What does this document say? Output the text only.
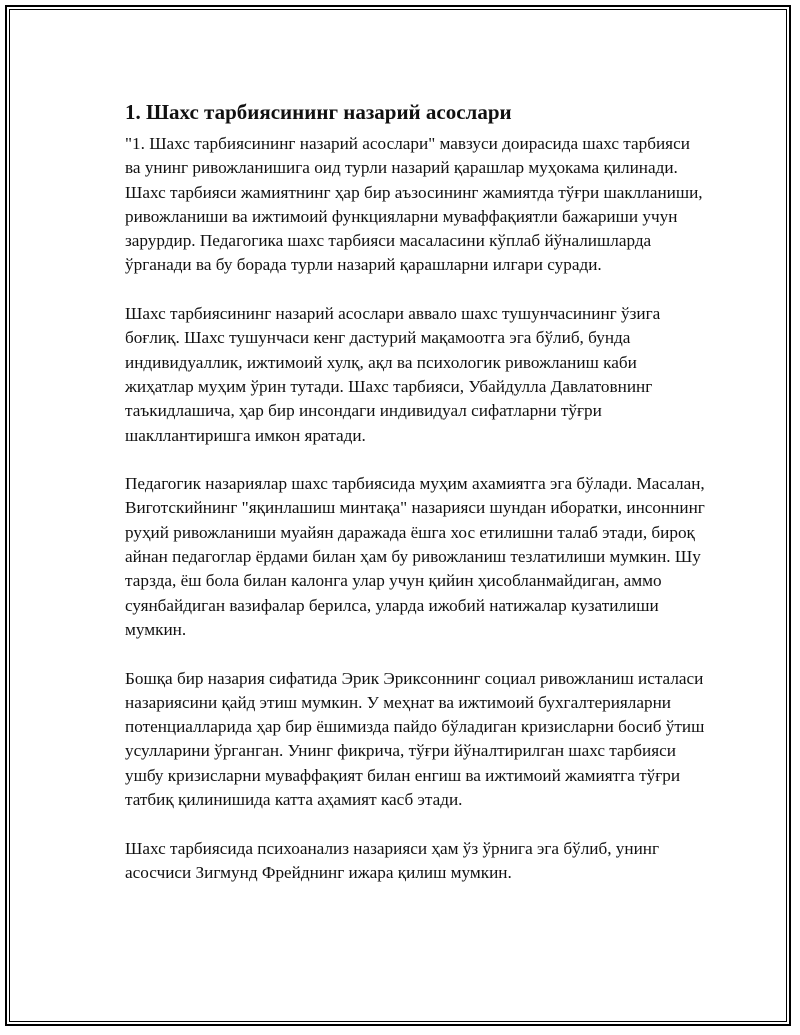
1. Шахс тарбиясининг назарий асослари

"1. Шахс тарбиясининг назарий асослари" мавзуси доирасида шахс тарбияси ва унинг ривожланишига оид турли назарий қарашлар муҳокама қилинади. Шахс тарбияси жамиятнинг ҳар бир аъзосининг жамиятда тўғри шаклланиши, ривожланиши ва ижтимоий функцияларни муваффақиятли бажариши учун зарурдир. Педагогика шахс тарбияси масаласини кўплаб йўналишларда ўрганади ва бу борада турли назарий қарашларни илгари суради.

Шахс тарбиясининг назарий асослари аввало шахс тушунчасининг ўзига боғлиқ. Шахс тушунчаси кенг дастурий мақамоотга эга бўлиб, бунда индивидуаллик, ижтимоий хулқ, ақл ва психологик ривожланиш каби жиҳатлар муҳим ўрин тутади. Шахс тарбияси, Убайдулла Давлатовнинг таъкидлашича, ҳар бир инсондаги индивидуал сифатларни тўғри шакллантиришга имкон яратади.

Педагогик назариялар шахс тарбиясида муҳим ахамиятга эга бўлади. Масалан, Виготскийнинг "яқинлашиш минтақа" назарияси шундан иборатки, инсоннинг руҳий ривожланиши муайян даражада ёшга хос етилишни талаб этади, бироқ айнан педагоглар ёрдами билан ҳам бу ривожланиш тезлатилиши мумкин. Шу тарзда, ёш бола билан калонга улар учун қийин ҳисобланмайдиган, аммо суянбайдиган вазифалар берилса, уларда ижобий натижалар кузатилиши мумкин.

Бошқа бир назария сифатида Эрик Эриксоннинг социал ривожланиш исталаси назариясини қайд этиш мумкин. У меҳнат ва ижтимоий бухгалтерияларни потенциалларида ҳар бир ёшимизда пайдо бўладиган кризисларни босиб ўтиш усулларини ўрганган. Унинг фикрича, тўғри йўналтирилган шахс тарбияси ушбу кризисларни муваффақият билан енгиш ва ижтимоий жамиятга тўғри татбиқ қилинишида катта аҳамият касб этади.

Шахс тарбиясида психоанализ назарияси ҳам ўз ўрнига эга бўлиб, унинг асосчиси Зигмунд Фрейднинг ижара қилиш мумкин.
